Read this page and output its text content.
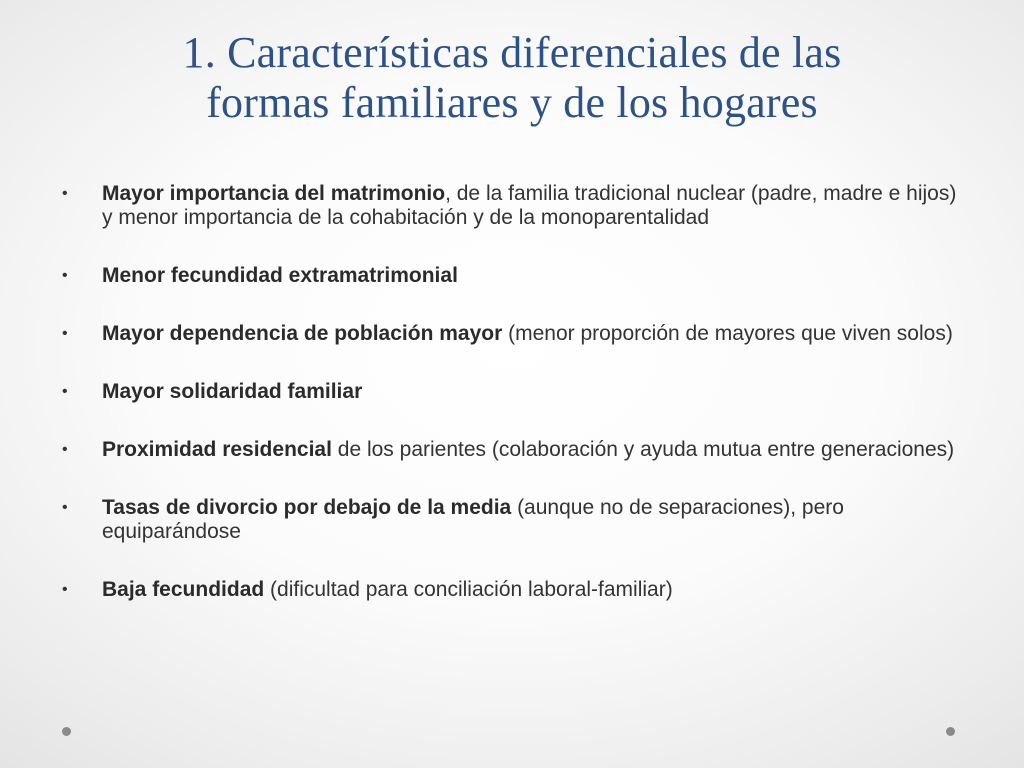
1. Características diferenciales de las
formas familiares y de los hogares
•	Mayor importancia del matrimonio, de la familia tradicional nuclear (padre, madre e hijos) y menor importancia de la cohabitación y de la monoparentalidad
•	Menor fecundidad extramatrimonial
•	Mayor dependencia de población mayor (menor proporción de mayores que viven solos)
•	Mayor solidaridad familiar
•	Proximidad residencial de los parientes (colaboración y ayuda mutua entre generaciones)
•	Tasas de divorcio por debajo de la media (aunque no de separaciones), pero equiparándose
•	Baja fecundidad (dificultad para conciliación laboral-familiar)
